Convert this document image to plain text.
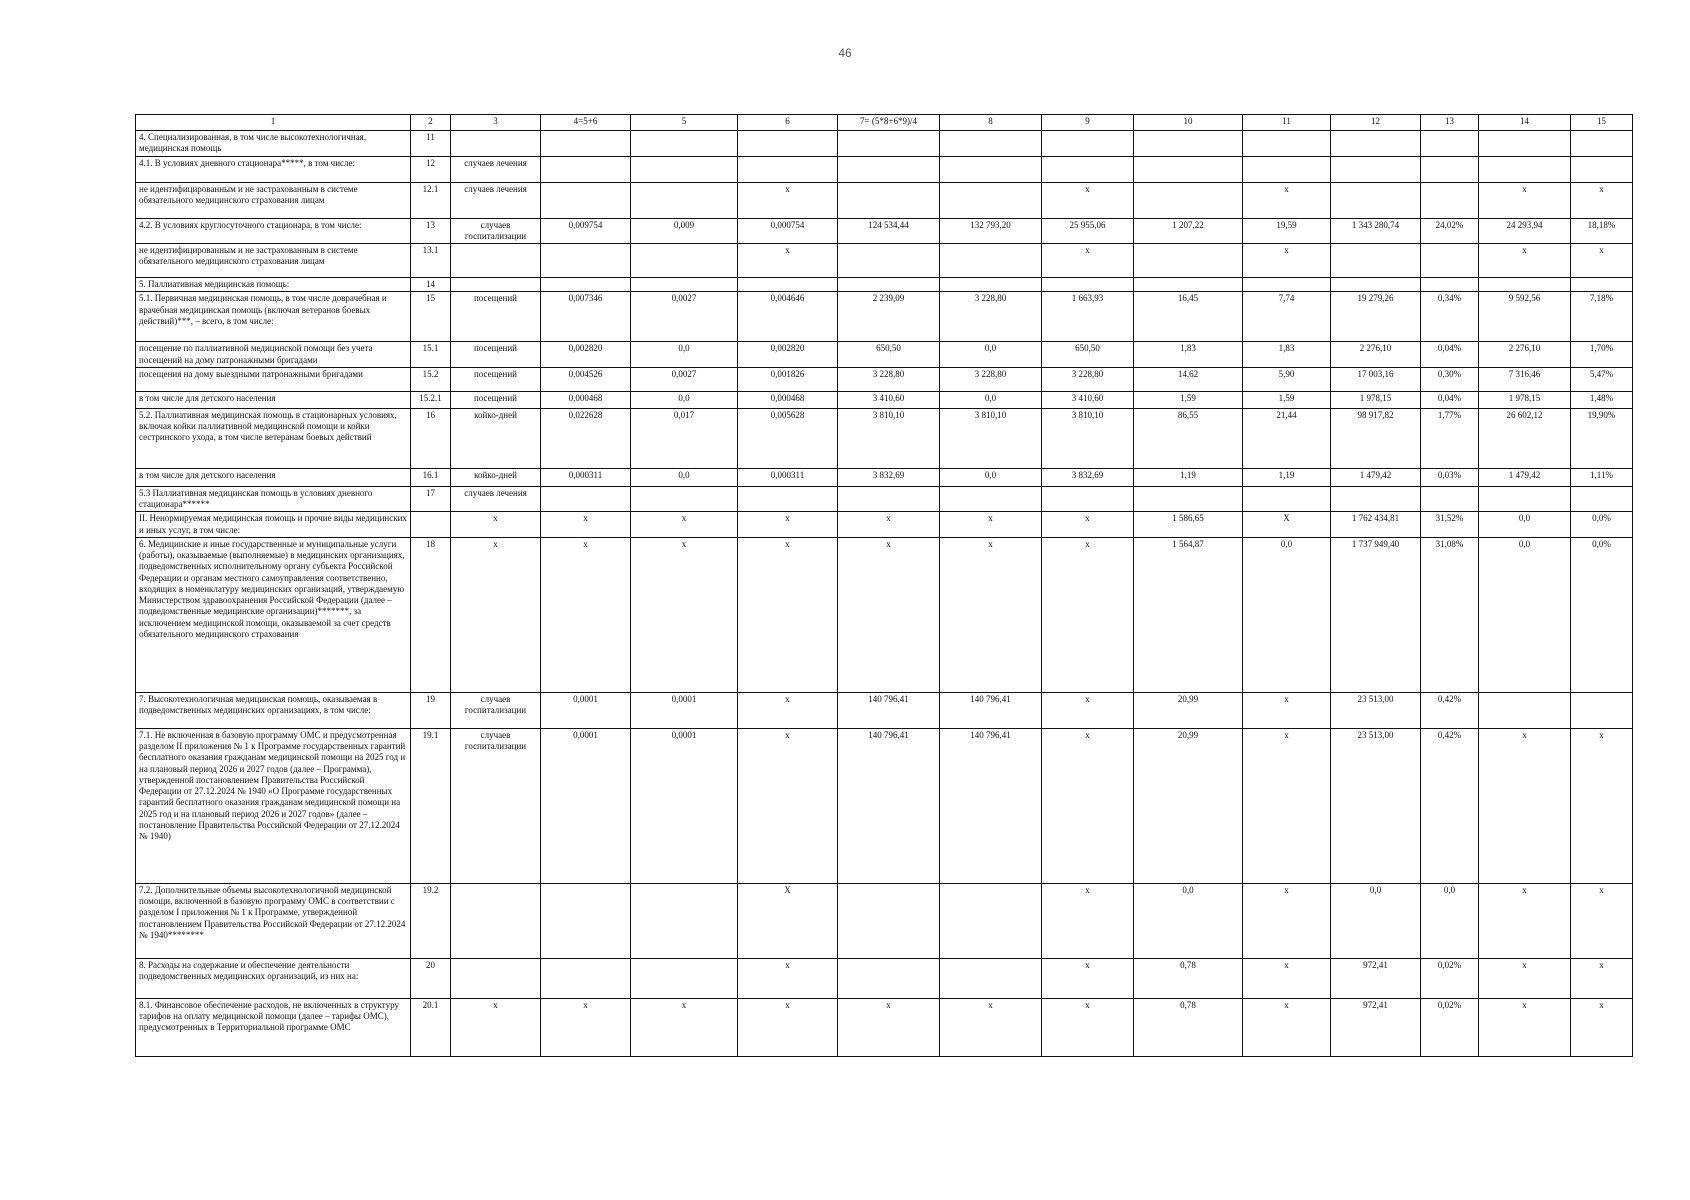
46
1	2	3	4=5+6	5	6	7= (5*8+6*9)/4	8	9	10	11	12	13	14	15
4. Специализированная, в том числе высокотехнологичная, медицинская помощь	11													
4.1. В условиях дневного стационара*****, в том числе:	12	случаев лечения												
не идентифицированным и не застрахованным в системе обязательного медицинского страхования лицам	12.1	случаев лечения			х			х		х			х	х
4.2. В условиях круглосуточного стационара, в том числе:	13	случаев госпитализации	0,009754	0,009	0,000754	124 534,44	132 793,20	25 955,06	1 207,22	19,59	1 343 280,74	24,02%	24 293,94	18,18%
не идентифицированным и не застрахованным в системе обязательного медицинского страхования лицам	13.1				х			х		х			х	х
5. Паллиативная медицинская помощь:	14													
5.1. Первичная медицинская помощь, в том числе доврачебная и врачебная медицинская помощь (включая ветеранов боевых действий)***, – всего, в том числе:	15	посещений	0,007346	0,0027	0,004646	2 239,09	3 228,80	1 663,93	16,45	7,74	19 279,26	0,34%	9 592,56	7,18%
посещение по паллиативной медицинской помощи без учета посещений на дому патронажными бригадами	15.1	посещений	0,002820	0,0	0,002820	650,50	0,0	650,50	1,83	1,83	2 276,10	0,04%	2 276,10	1,70%
посещения на дому выездными патронажными бригадами	15.2	посещений	0,004526	0,0027	0,001826	3 228,80	3 228,80	3 228,80	14,62	5,90	17 003,16	0,30%	7 316,46	5,47%
в том числе для детского населения	15.2.1	посещений	0,000468	0,0	0,000468	3 410,60	0,0	3 410,60	1,59	1,59	1 978,15	0,04%	1 978,15	1,48%
5.2. Паллиативная медицинская помощь в стационарных условиях, включая койки паллиативной медицинской помощи и койки сестринского ухода, в том числе ветеранам боевых действий	16	койко-дней	0,022628	0,017	0,005628	3 810,10	3 810,10	3 810,10	86,55	21,44	98 917,82	1,77%	26 602,12	19,90%
в том числе для детского населения	16.1	койко-дней	0,000311	0,0	0,000311	3 832,69	0,0	3 832,69	1,19	1,19	1 479,42	0,03%	1 479,42	1,11%
5.3 Паллиативная медицинская помощь в условиях дневного стационара******	17	случаев лечения												
II. Ненормируемая медицинская помощь и прочие виды медицинских и иных услуг, в том числе:		х	х	х	х	х	х	х	1 586,65	Х	1 762 434,81	31,52%	0,0	0,0%
6. Медицинские и иные государственные и муниципальные услуги (работы), оказываемые (выполняемые) в медицинских организациях, подведомственных исполнительному органу субъекта Российской Федерации и органам местного самоуправления соответственно, входящих в номенклатуру медицинских организаций, утверждаемую Министерством здравоохранения Российской Федерации (далее – подведомственные медицинские организации)*******, за исключением медицинской помощи, оказываемой за счет средств обязательного медицинского страхования	18	х	х	х	х	х	х	х	1 564,87	0,0	1 737 949,40	31,08%	0,0	0,0%
7. Высокотехнологичная медицинская помощь, оказываемая в подведомственных медицинских организациях, в том числе:	19	случаев госпитализации	0,0001	0,0001	х	140 796,41	140 796,41	х	20,99	х	23 513,00	0,42%		
7.1. Не включенная в базовую программу ОМС и предусмотренная разделом II приложения № 1 к Программе государственных гарантий бесплатного оказания гражданам медицинской помощи на 2025 год и на плановый период 2026 и 2027 годов (далее – Программа), утвержденной постановлением Правительства Российской Федерации от 27.12.2024 № 1940 «О Программе государственных гарантий бесплатного оказания гражданам медицинской помощи на 2025 год и на плановый период 2026 и 2027 годов» (далее – постановление Правительства Российской Федерации от 27.12.2024 № 1940)	19.1	случаев госпитализации	0,0001	0,0001	х	140 796,41	140 796,41	х	20,99	х	23 513,00	0,42%	х	х
7.2. Дополнительные объемы высокотехнологичной медицинской помощи, включенной в базовую программу ОМС в соответствии с разделом I приложения № 1 к Программе, утвержденной постановлением Правительства Российской Федерации от 27.12.2024 № 1940********	19.2				Х			х	0,0	х	0,0	0,0	х	х
8. Расходы на содержание и обеспечение деятельности подведомственных медицинских организаций, из них на:	20				х			х	0,78	х	972,41	0,02%	х	х
8.1. Финансовое обеспечение расходов, не включенных в структуру тарифов на оплату медицинской помощи (далее – тарифы ОМС), предусмотренных в Территориальной программе ОМС	20.1	х	х	х	х	х	х	х	0,78	х	972,41	0,02%	х	х
